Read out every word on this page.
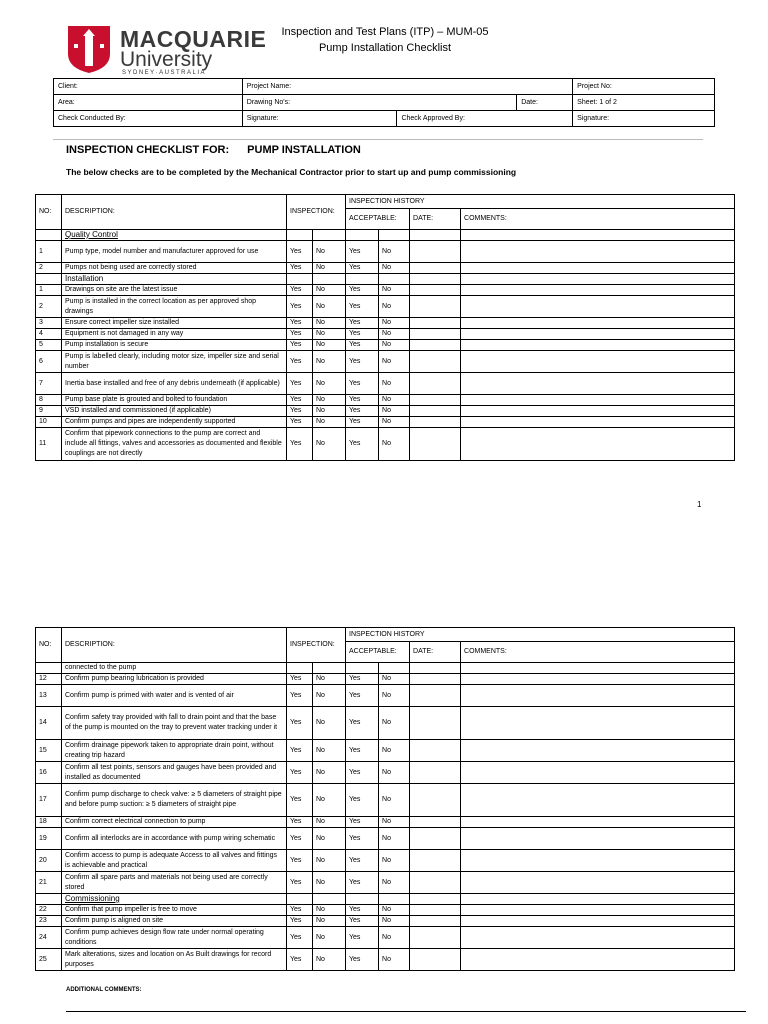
MACQUARIE
University
SYDNEY·AUSTRALIA
Inspection and Test Plans (ITP) – MUM-05
Pump Installation Checklist
Client:	Project Name:			Project No:
Area:	Drawing No's:		Date:	Sheet: 1 of 2
Check Conducted By:	Signature:	Check Approved By:		Signature:
INSPECTION CHECKLIST FOR: PUMP INSTALLATION
The below checks are to be completed by the Mechanical Contractor prior to start up and pump commissioning
NO:	DESCRIPTION:	INSPECTION:		INSPECTION HISTORY			
				ACCEPTABLE:		DATE:	COMMENTS:
	Quality Control						
1	Pump type, model number and manufacturer approved for use	Yes	No	Yes	No		
2	Pumps not being used are correctly stored	Yes	No	Yes	No		
	Installation						
1	Drawings on site are the latest issue	Yes	No	Yes	No		
2	Pump is installed in the correct location as per approved shop drawings	Yes	No	Yes	No		
3	Ensure correct impeller size installed	Yes	No	Yes	No		
4	Equipment is not damaged in any way	Yes	No	Yes	No		
5	Pump installation is secure	Yes	No	Yes	No		
6	Pump is labelled clearly, including motor size, impeller size and serial number	Yes	No	Yes	No		
7	Inertia base installed and free of any debris underneath (if applicable)	Yes	No	Yes	No		
8	Pump base plate is grouted and bolted to foundation	Yes	No	Yes	No		
9	VSD installed and commissioned (if applicable)	Yes	No	Yes	No		
10	Confirm pumps and pipes are independently supported	Yes	No	Yes	No		
11	Confirm that pipework connections to the pump are correct and include all fittings, valves and accessories as documented and flexible couplings are not directly	Yes	No	Yes	No		
1
NO:	DESCRIPTION:	INSPECTION:		INSPECTION HISTORY			
				ACCEPTABLE:		DATE:	COMMENTS:
	connected to the pump						
12	Confirm pump bearing lubrication is provided	Yes	No	Yes	No		
13	Confirm pump is primed with water and is vented of air	Yes	No	Yes	No		
14	Confirm safety tray provided with fall to drain point and that the base of the pump is mounted on the tray to prevent water tracking under it	Yes	No	Yes	No		
15	Confirm drainage pipework taken to appropriate drain point, without creating trip hazard	Yes	No	Yes	No		
16	Confirm all test points, sensors and gauges have been provided and installed as documented	Yes	No	Yes	No		
17	Confirm pump discharge to check valve: ≥ 5 diameters of straight pipe and before pump suction: ≥ 5 diameters of straight pipe	Yes	No	Yes	No		
18	Confirm correct electrical connection to pump	Yes	No	Yes	No		
19	Confirm all interlocks are in accordance with pump wiring schematic	Yes	No	Yes	No		
20	Confirm access to pump is adequate Access to all valves and fittings is achievable and practical	Yes	No	Yes	No		
21	Confirm all spare parts and materials not being used are correctly stored	Yes	No	Yes	No		
	Commissioning						
22	Confirm that pump impeller is free to move	Yes	No	Yes	No		
23	Confirm pump is aligned on site	Yes	No	Yes	No		
24	Confirm pump achieves design flow rate under normal operating conditions	Yes	No	Yes	No		
25	Mark alterations, sizes and location on As Built drawings for record purposes	Yes	No	Yes	No		
ADDITIONAL COMMENTS:
